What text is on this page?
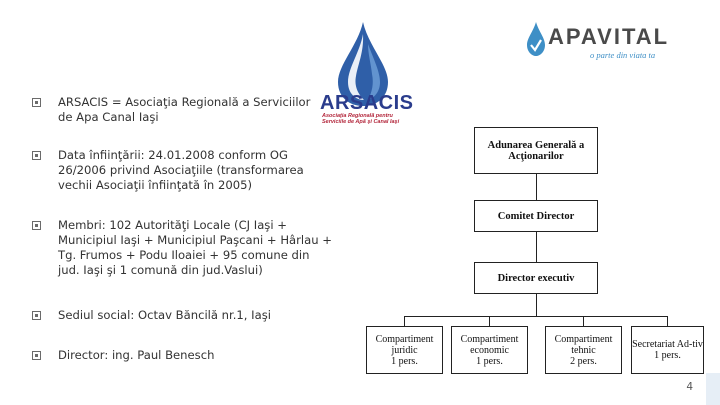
ARSACIS = Asociaţia Regională a Serviciilor de Apa Canal Iaşi
Data înfiinţării: 24.01.2008 conform OG 26/2006 privind Asociaţiile (transformarea vechii Asociaţii înfiinţată în 2005)
Membri: 102 Autorităţi Locale (CJ Iaşi + Municipiul Iaşi + Municipiul Paşcani + Hârlau + Tg. Frumos + Podu Iloaiei + 95 comune din jud. Iaşi şi 1 comună din jud.Vaslui)
Sediul social: Octav Băncilă nr.1, Iaşi
Director: ing. Paul Benesch
ARSACIS
Asociaţia Regională pentru Serviciile de Apă şi Canal Iaşi
APAVITAL
o parte din viata ta
Adunarea Generală a Acţionarilor
Comitet Director
Director executiv
Compartiment juridic
1 pers.
Compartiment economic
1 pers.
Compartiment tehnic
2 pers.
Secretariat Ad-tiv
1 pers.
4
